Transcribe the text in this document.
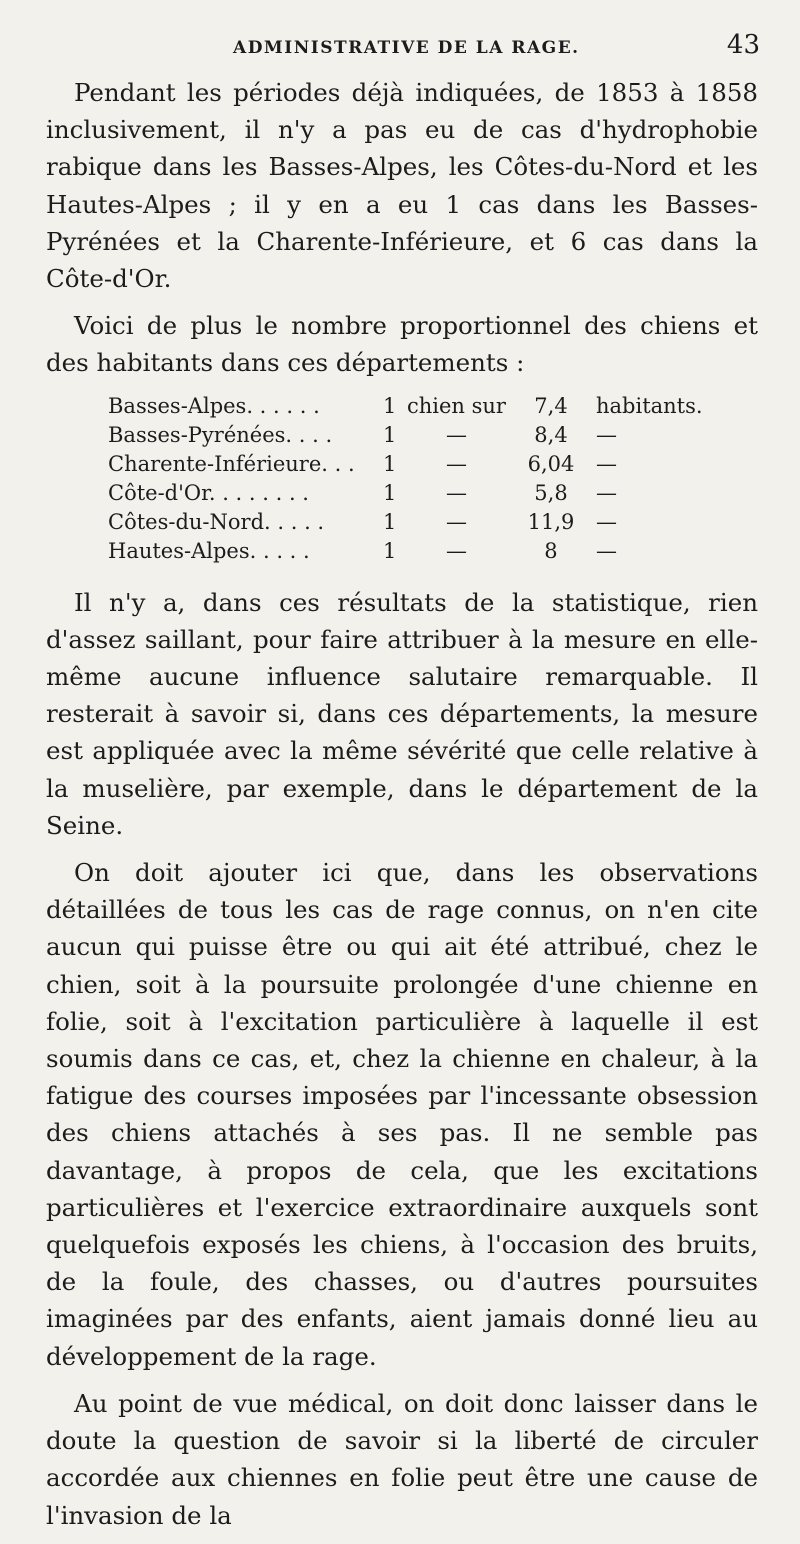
ADMINISTRATIVE DE LA RAGE.	43

Pendant les périodes déjà indiquées, de 1853 à 1858 inclusivement, il n'y a pas eu de cas d'hydrophobie rabique dans les Basses-Alpes, les Côtes-du-Nord et les Hautes-Alpes ; il y en a eu 1 cas dans les Basses-Pyrénées et la Charente-Inférieure, et 6 cas dans la Côte-d'Or.

Voici de plus le nombre proportionnel des chiens et des habitants dans ces départements :

Basses-Alpes. . . . . .	1	chien sur	7,4	habitants.
Basses-Pyrénées. . . .	1	—	8,4	—
Charente-Inférieure. . .	1	—	6,04	—
Côte-d'Or. . . . . . . .	1	—	5,8	—
Côtes-du-Nord. . . . .	1	—	11,9	—
Hautes-Alpes. . . . .	1	—	8	—

Il n'y a, dans ces résultats de la statistique, rien d'assez saillant, pour faire attribuer à la mesure en elle-même aucune influence salutaire remarquable. Il resterait à savoir si, dans ces départements, la mesure est appliquée avec la même sévérité que celle relative à la muselière, par exemple, dans le département de la Seine.

On doit ajouter ici que, dans les observations détaillées de tous les cas de rage connus, on n'en cite aucun qui puisse être ou qui ait été attribué, chez le chien, soit à la poursuite prolongée d'une chienne en folie, soit à l'excitation particulière à laquelle il est soumis dans ce cas, et, chez la chienne en chaleur, à la fatigue des courses imposées par l'incessante obsession des chiens attachés à ses pas. Il ne semble pas davantage, à propos de cela, que les excitations particulières et l'exercice extraordinaire auxquels sont quelquefois exposés les chiens, à l'occasion des bruits, de la foule, des chasses, ou d'autres poursuites imaginées par des enfants, aient jamais donné lieu au développement de la rage.

Au point de vue médical, on doit donc laisser dans le doute la question de savoir si la liberté de circuler accordée aux chiennes en folie peut être une cause de l'invasion de la
